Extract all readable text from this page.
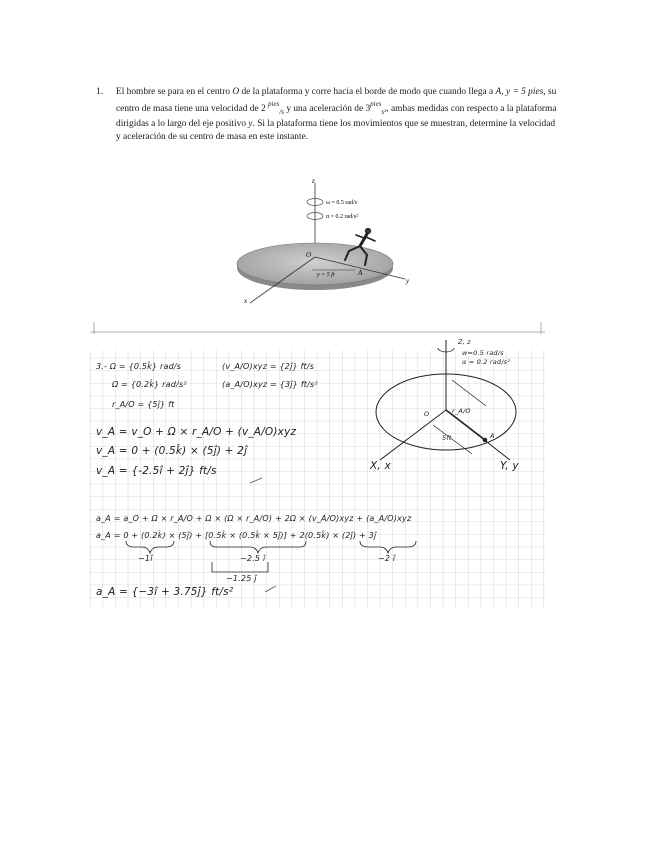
1. El hombre se para en el centro O de la plataforma y corre hacia el borde de modo que cuando llega a A, y = 5 pies, su centro de masa tiene una velocidad de 2 $^{pies}_{/s}$ y una aceleración de $3^{pies}_{s^2}$, ambas medidas con respecto a la plataforma dirigidas a lo largo del eje positivo y. Si la plataforma tiene los movimientos que se muestran, determine la velocidad y aceleración de su centro de masa en este instante.
z
ω = 0.5 rad/s
α = 0.2 rad/s²
x
y
O
y = 5 ft	A
Z, z
w=0.5 rad/s
α = 0.2 rad/s²
3.- Ω = {0.5k̂} rad/s	(v_A/O)xyz = {2ĵ} ft/s
Ω̇ = {0.2k̂} rad/s²	(a_A/O)xyz = {3ĵ} ft/s²
r_A/O = {5ĵ} ft
v_A = v_O + Ω × r_A/O + (v_A/O)xyz
v_A = 0 + (0.5k̂) × (5ĵ) + 2ĵ
v_A = {-2.5î + 2ĵ} ft/s
O	r_A/O
A
5ft
X, x	Y, y
a_A = a_O + Ω̇ × r_A/O + Ω × (Ω × r_A/O) + 2Ω × (v_A/O)xyz + (a_A/O)xyz
a_A = 0 + (0.2k̂) × (5ĵ) + [0.5k̂ × (0.5k̂ × 5ĵ)] + 2(0.5k̂) × (2ĵ) + 3ĵ
−1î	−2.5 î	−2 î
−1.25 ĵ
a_A = {−3î + 3.75ĵ} ft/s²
